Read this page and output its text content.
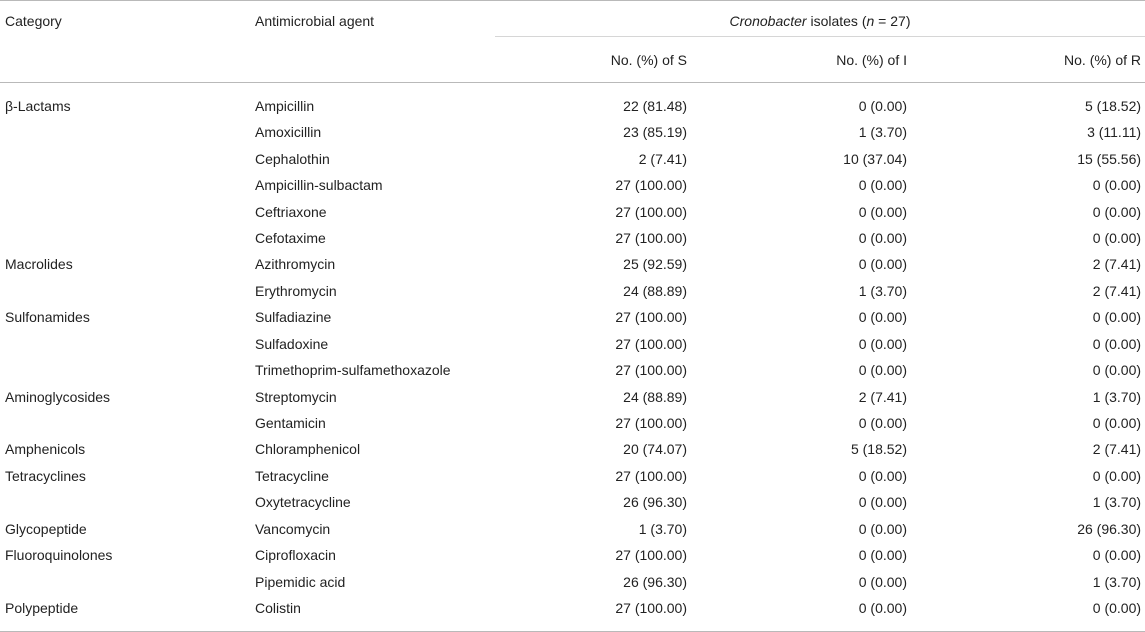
Category	Antimicrobial agent	Cronobacter isolates (n = 27)		
		No. (%) of S	No. (%) of I	No. (%) of R
β-Lactams	Ampicillin	22 (81.48)	0 (0.00)	5 (18.52)
	Amoxicillin	23 (85.19)	1 (3.70)	3 (11.11)
	Cephalothin	2 (7.41)	10 (37.04)	15 (55.56)
	Ampicillin-sulbactam	27 (100.00)	0 (0.00)	0 (0.00)
	Ceftriaxone	27 (100.00)	0 (0.00)	0 (0.00)
	Cefotaxime	27 (100.00)	0 (0.00)	0 (0.00)
Macrolides	Azithromycin	25 (92.59)	0 (0.00)	2 (7.41)
	Erythromycin	24 (88.89)	1 (3.70)	2 (7.41)
Sulfonamides	Sulfadiazine	27 (100.00)	0 (0.00)	0 (0.00)
	Sulfadoxine	27 (100.00)	0 (0.00)	0 (0.00)
	Trimethoprim-sulfamethoxazole	27 (100.00)	0 (0.00)	0 (0.00)
Aminoglycosides	Streptomycin	24 (88.89)	2 (7.41)	1 (3.70)
	Gentamicin	27 (100.00)	0 (0.00)	0 (0.00)
Amphenicols	Chloramphenicol	20 (74.07)	5 (18.52)	2 (7.41)
Tetracyclines	Tetracycline	27 (100.00)	0 (0.00)	0 (0.00)
	Oxytetracycline	26 (96.30)	0 (0.00)	1 (3.70)
Glycopeptide	Vancomycin	1 (3.70)	0 (0.00)	26 (96.30)
Fluoroquinolones	Ciprofloxacin	27 (100.00)	0 (0.00)	0 (0.00)
	Pipemidic acid	26 (96.30)	0 (0.00)	1 (3.70)
Polypeptide	Colistin	27 (100.00)	0 (0.00)	0 (0.00)
